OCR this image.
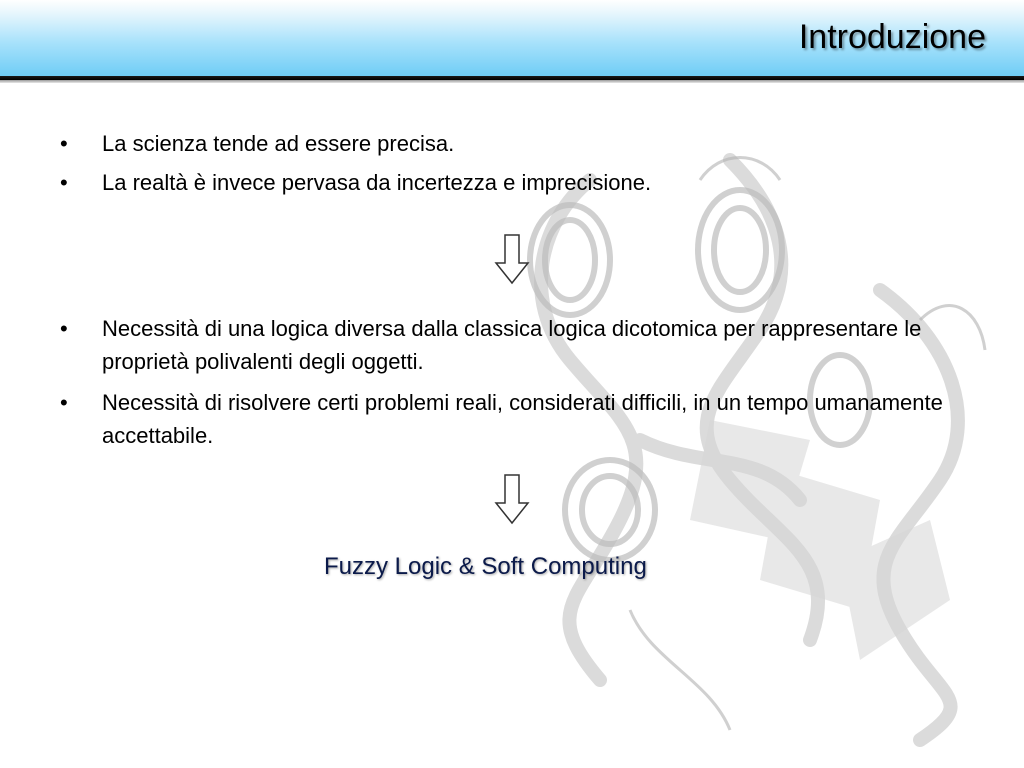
Introduzione
•	La scienza tende ad essere precisa.
•	La realtà è invece pervasa da incertezza e imprecisione.
•	Necessità di una logica diversa dalla classica logica dicotomica per rappresentare le proprietà polivalenti degli oggetti.
•	Necessità di risolvere certi problemi reali, considerati difficili, in un tempo umanamente accettabile.
Fuzzy Logic & Soft Computing
